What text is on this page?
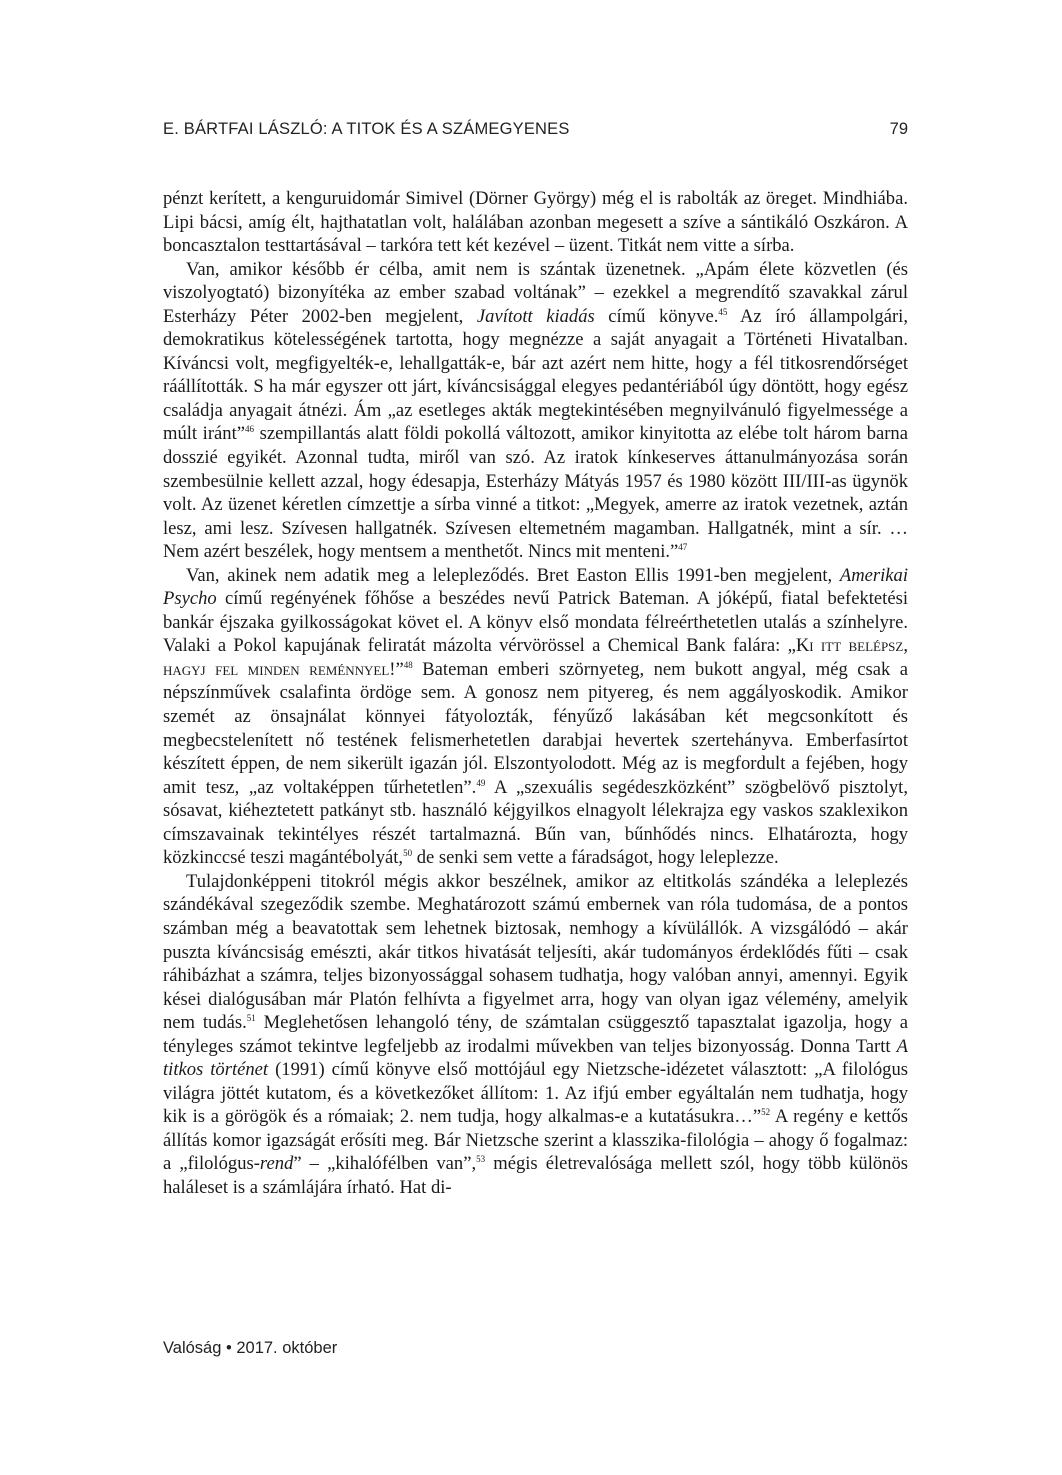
E. BÁRTFAI LÁSZLÓ: A TITOK ÉS A SZÁMEGYENES	79

pénzt kerített, a kenguruidomár Simivel (Dörner György) még el is rabolták az öreget. Mindhiába. Lipi bácsi, amíg élt, hajthatatlan volt, halálában azonban megesett a szíve a sántikáló Oszkáron. A boncasztalon testtartásával – tarkóra tett két kezével – üzent. Titkát nem vitte a sírba.

Van, amikor később ér célba, amit nem is szántak üzenetnek. „Apám élete közvetlen (és viszolyogtató) bizonyítéka az ember szabad voltának” – ezekkel a megrendítő szavakkal zárul Esterházy Péter 2002-ben megjelent, Javított kiadás című könyve.$^{45}$ Az író állampolgári, demokratikus kötelességének tartotta, hogy megnézze a saját anyagait a Történeti Hivatalban. Kíváncsi volt, megfigyelték-e, lehallgatták-e, bár azt azért nem hitte, hogy a fél titkosrendőrséget ráállították. S ha már egyszer ott járt, kíváncsisággal elegyes pedantériából úgy döntött, hogy egész családja anyagait átnézi. Ám „az esetleges akták megtekintésében megnyilvánuló figyelmessége a múlt iránt”$^{46}$ szempillantás alatt földi pokollá változott, amikor kinyitotta az elébe tolt három barna dosszié egyikét. Azonnal tudta, miről van szó. Az iratok kínkeserves áttanulmányozása során szembesülnie kellett azzal, hogy édesapja, Esterházy Mátyás 1957 és 1980 között III/III-as ügynök volt. Az üzenet kéretlen címzettje a sírba vinné a titkot: „Megyek, amerre az iratok vezetnek, aztán lesz, ami lesz. Szívesen hallgatnék. Szívesen eltemetném magamban. Hallgatnék, mint a sír. … Nem azért beszélek, hogy mentsem a menthetőt. Nincs mit menteni.”$^{47}$

Van, akinek nem adatik meg a lelepleződés. Bret Easton Ellis 1991-ben megjelent, Amerikai Psycho című regényének főhőse a beszédes nevű Patrick Bateman. A jóképű, fiatal befektetési bankár éjszaka gyilkosságokat követ el. A könyv első mondata félreérthetetlen utalás a színhelyre. Valaki a Pokol kapujának feliratát mázolta vérvörössel a Chemical Bank falára: „Ki itt belépsz, hagyj fel minden reménnyel!”$^{48}$ Bateman emberi szörnyeteg, nem bukott angyal, még csak a népszínművek csalafinta ördöge sem. A gonosz nem pityereg, és nem aggályoskodik. Amikor szemét az önsajnálat könnyei fátyolozták, fényűző lakásában két megcsonkított és megbecstelenített nő testének felismerhetetlen darabjai hevertek szertehányva. Emberfasírtot készített éppen, de nem sikerült igazán jól. Elszontyolodott. Még az is megfordult a fejében, hogy amit tesz, „az voltaképpen tűrhetetlen”.$^{49}$ A „szexuális segédeszközként” szögbelövő pisztolyt, sósavat, kiéheztetett patkányt stb. használó kéjgyilkos elnagyolt lélekrajza egy vaskos szaklexikon címszavainak tekintélyes részét tartalmazná. Bűn van, bűnhődés nincs. Elhatározta, hogy közkinccsé teszi magántébolyát,$^{50}$ de senki sem vette a fáradságot, hogy leleplezze.

Tulajdonképpeni titokról mégis akkor beszélnek, amikor az eltitkolás szándéka a leleplezés szándékával szegeződik szembe. Meghatározott számú embernek van róla tudomása, de a pontos számban még a beavatottak sem lehetnek biztosak, nemhogy a kívülállók. A vizsgálódó – akár puszta kíváncsiság emészti, akár titkos hivatását teljesíti, akár tudományos érdeklődés fűti – csak ráhibázhat a számra, teljes bizonyossággal sohasem tudhatja, hogy valóban annyi, amennyi. Egyik kései dialógusában már Platón felhívta a figyelmet arra, hogy van olyan igaz vélemény, amelyik nem tudás.$^{51}$ Meglehetősen lehangoló tény, de számtalan csüggesztő tapasztalat igazolja, hogy a tényleges számot tekintve legfeljebb az irodalmi művekben van teljes bizonyosság. Donna Tartt A titkos történet (1991) című könyve első mottójául egy Nietzsche-idézetet választott: „A filológus világra jöttét kutatom, és a következőket állítom: 1. Az ifjú ember egyáltalán nem tudhatja, hogy kik is a görögök és a rómaiak; 2. nem tudja, hogy alkalmas-e a kutatásukra…”$^{52}$ A regény e kettős állítás komor igazságát erősíti meg. Bár Nietzsche szerint a klasszika-filológia – ahogy ő fogalmaz: a „filológus-rend” – „kihalófélben van”,$^{53}$ mégis életrevalósága mellett szól, hogy több különös haláleset is a számlájára írható. Hat di-

Valóság • 2017. október
